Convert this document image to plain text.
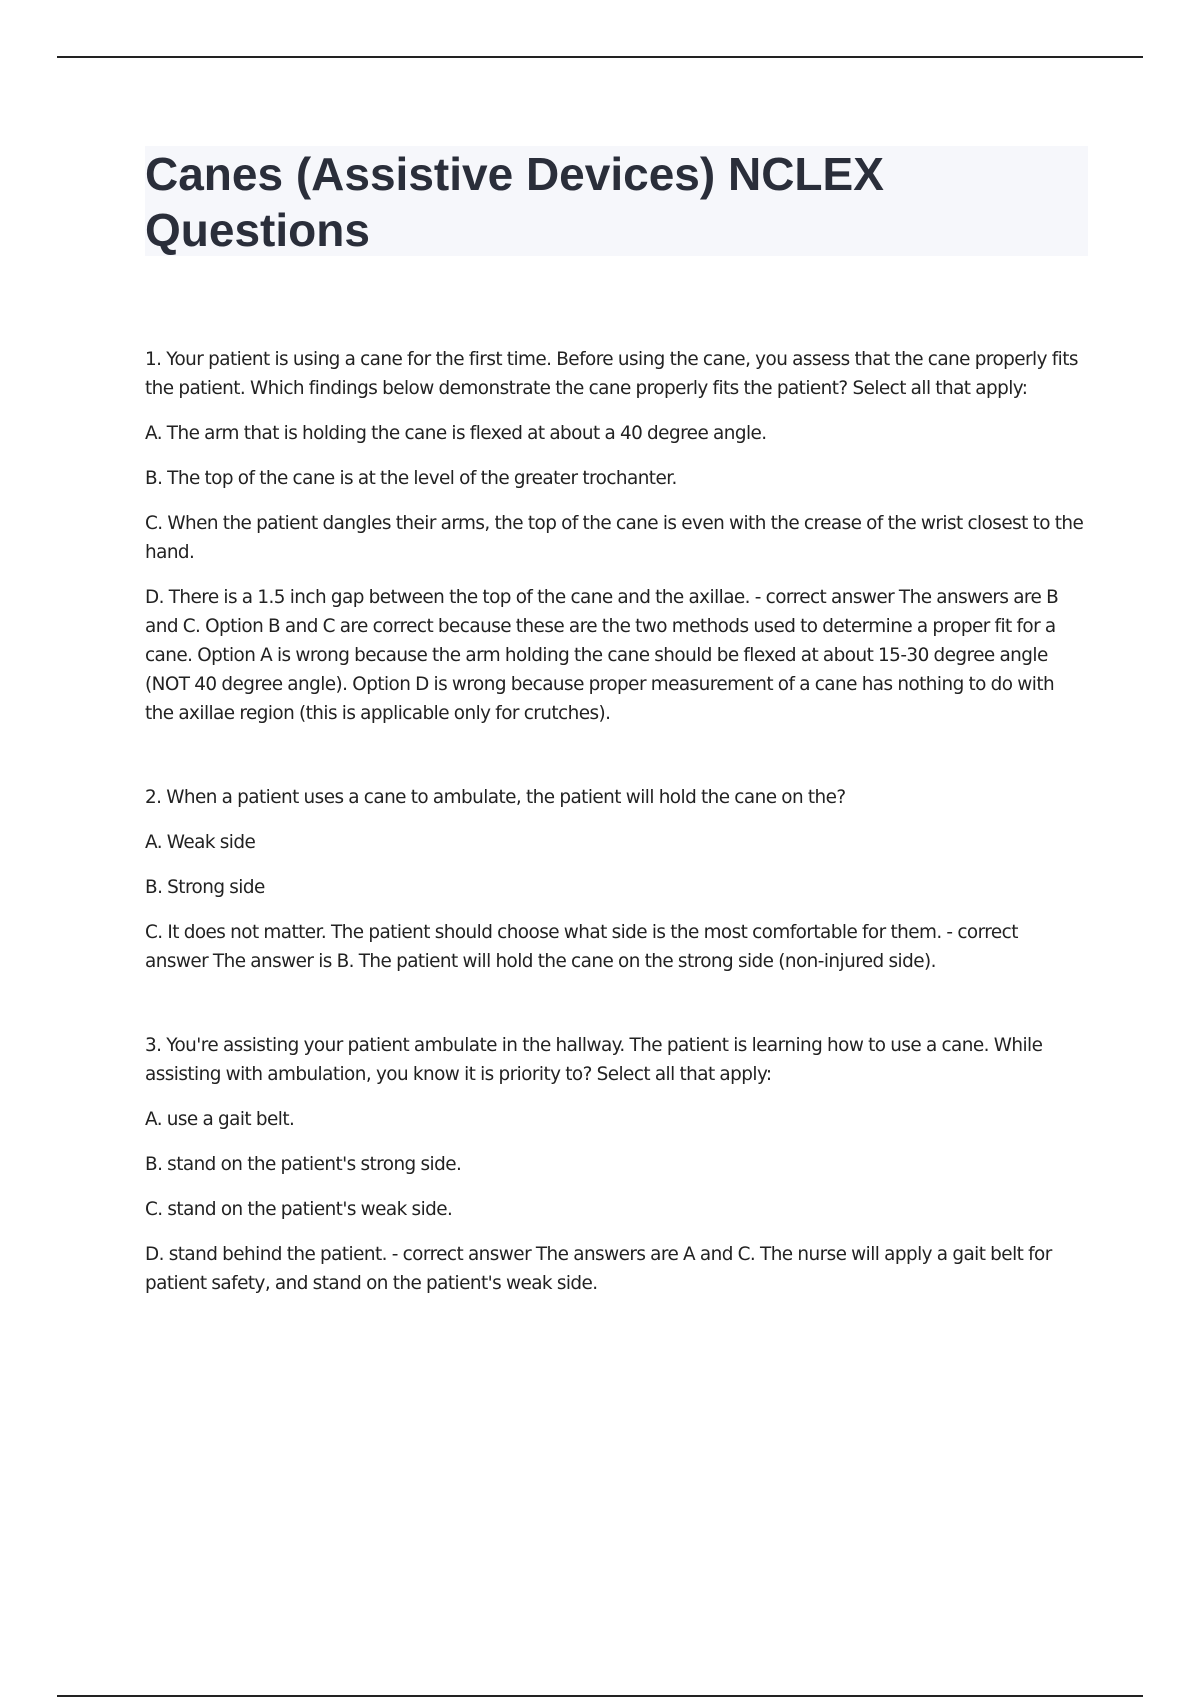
Canes (Assistive Devices) NCLEX Questions

1. Your patient is using a cane for the first time. Before using the cane, you assess that the cane properly fits the patient. Which findings below demonstrate the cane properly fits the patient? Select all that apply:

A. The arm that is holding the cane is flexed at about a 40 degree angle.

B. The top of the cane is at the level of the greater trochanter.

C. When the patient dangles their arms, the top of the cane is even with the crease of the wrist closest to the hand.

D. There is a 1.5 inch gap between the top of the cane and the axillae. - correct answer The answers are B and C. Option B and C are correct because these are the two methods used to determine a proper fit for a cane. Option A is wrong because the arm holding the cane should be flexed at about 15-30 degree angle (NOT 40 degree angle). Option D is wrong because proper measurement of a cane has nothing to do with the axillae region (this is applicable only for crutches).

2. When a patient uses a cane to ambulate, the patient will hold the cane on the?

A. Weak side

B. Strong side

C. It does not matter. The patient should choose what side is the most comfortable for them. - correct answer The answer is B. The patient will hold the cane on the strong side (non-injured side).

3. You're assisting your patient ambulate in the hallway. The patient is learning how to use a cane. While assisting with ambulation, you know it is priority to? Select all that apply:

A. use a gait belt.

B. stand on the patient's strong side.

C. stand on the patient's weak side.

D. stand behind the patient. - correct answer The answers are A and C. The nurse will apply a gait belt for patient safety, and stand on the patient's weak side.
